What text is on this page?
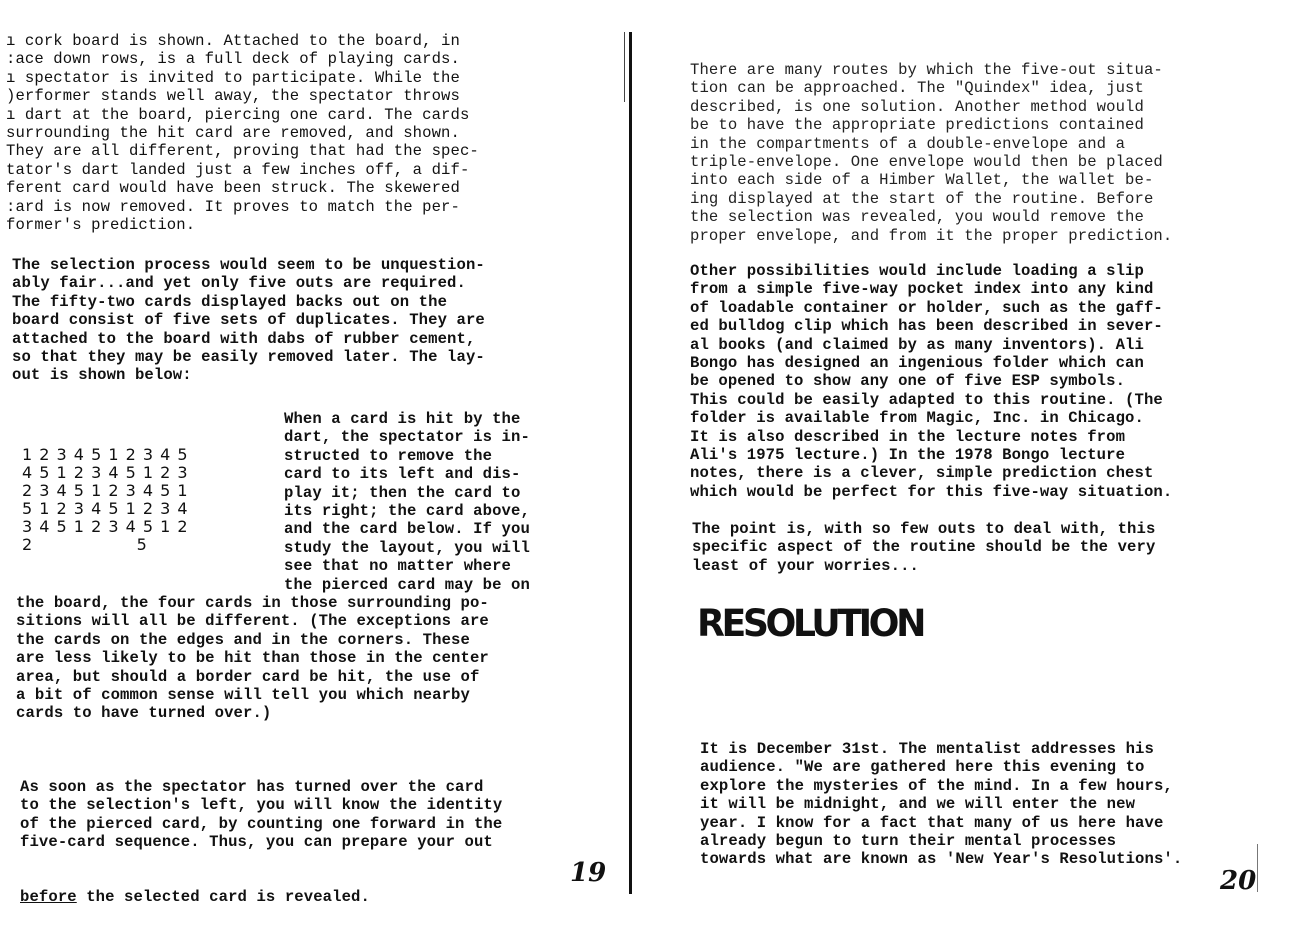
ı cork board is shown. Attached to the board, in
:ace down rows, is a full deck of playing cards.
ı spectator is invited to participate. While the
)erformer stands well away, the spectator throws
ı dart at the board, piercing one card. The cards
surrounding the hit card are removed, and shown.
They are all different, proving that had the spec-
tator's dart landed just a few inches off, a dif-
ferent card would have been struck. The skewered
:ard is now removed. It proves to match the per-
former's prediction.
The selection process would seem to be unquestion-
ably fair...and yet only five outs are required.
The fifty-two cards displayed backs out on the
board consist of five sets of duplicates. They are
attached to the board with dabs of rubber cement,
so that they may be easily removed later. The lay-
out is shown below:
1 2 3 4 5 1 2 3 4 5
4 5 1 2 3 4 5 1 2 3
2 3 4 5 1 2 3 4 5 1
5 1 2 3 4 5 1 2 3 4
3 4 5 1 2 3 4 5 1 2
2                 5
When a card is hit by the
dart, the spectator is in-
structed to remove the
card to its left and dis-
play it; then the card to
its right; the card above,
and the card below. If you
study the layout, you will
see that no matter where
the pierced card may be on
the board, the four cards in those surrounding po-
sitions will all be different. (The exceptions are
the cards on the edges and in the corners. These
are less likely to be hit than those in the center
area, but should a border card be hit, the use of
a bit of common sense will tell you which nearby
cards to have turned over.)

As soon as the spectator has turned over the card
to the selection's left, you will know the identity
of the pierced card, by counting one forward in the
five-card sequence. Thus, you can prepare your out

before the selected card is revealed.

19
There are many routes by which the five-out situa-
tion can be approached. The "Quindex" idea, just
described, is one solution. Another method would
be to have the appropriate predictions contained
in the compartments of a double-envelope and a
triple-envelope. One envelope would then be placed
into each side of a Himber Wallet, the wallet be-
ing displayed at the start of the routine. Before
the selection was revealed, you would remove the
proper envelope, and from it the proper prediction.
Other possibilities would include loading a slip
from a simple five-way pocket index into any kind
of loadable container or holder, such as the gaff-
ed bulldog clip which has been described in sever-
al books (and claimed by as many inventors). Ali
Bongo has designed an ingenious folder which can
be opened to show any one of five ESP symbols.
This could be easily adapted to this routine. (The
folder is available from Magic, Inc. in Chicago.
It is also described in the lecture notes from
Ali's 1975 lecture.) In the 1978 Bongo lecture
notes, there is a clever, simple prediction chest
which would be perfect for this five-way situation.
The point is, with so few outs to deal with, this
specific aspect of the routine should be the very
least of your worries...
It is December 31st. The mentalist addresses his
audience. "We are gathered here this evening to
explore the mysteries of the mind. In a few hours,
it will be midnight, and we will enter the new
year. I know for a fact that many of us here have
already begun to turn their mental processes
towards what are known as 'New Year's Resolutions'.
20
RESOLUTION
